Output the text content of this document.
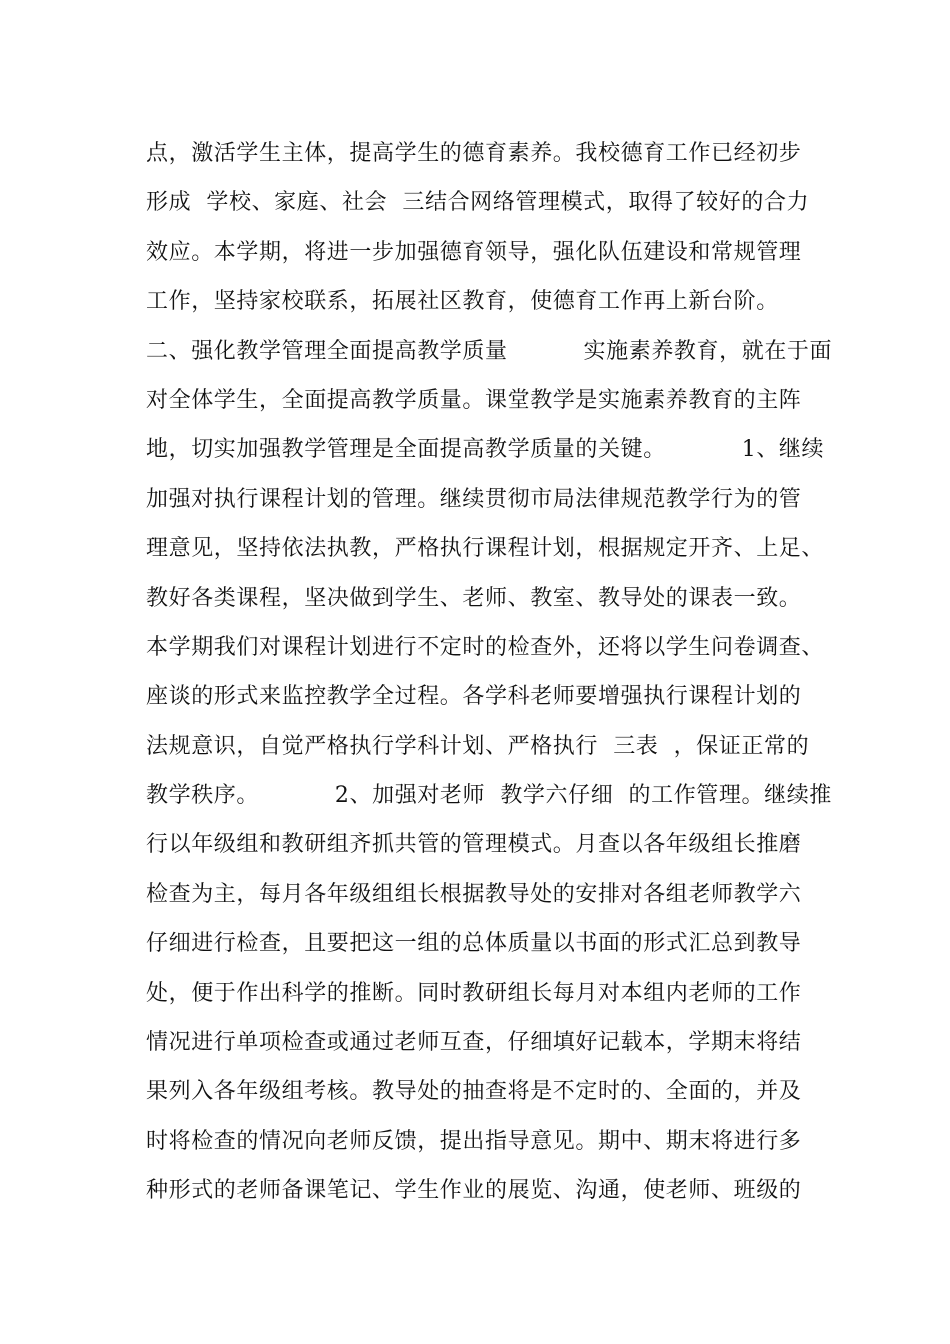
点，激活学生主体，提高学生的德育素养。我校德育工作已经初步
形成  学校、家庭、社会  三结合网络管理模式，取得了较好的合力
效应。本学期，将进一步加强德育领导，强化队伍建设和常规管理
工作，坚持家校联系，拓展社区教育，使德育工作再上新台阶。
二、强化教学管理全面提高教学质量          实施素养教育，就在于面
对全体学生，全面提高教学质量。课堂教学是实施素养教育的主阵
地，切实加强教学管理是全面提高教学质量的关键。          1、继续
加强对执行课程计划的管理。继续贯彻市局法律规范教学行为的管
理意见，坚持依法执教，严格执行课程计划，根据规定开齐、上足、
教好各类课程，坚决做到学生、老师、教室、教导处的课表一致。
本学期我们对课程计划进行不定时的检查外，还将以学生问卷调查、
座谈的形式来监控教学全过程。各学科老师要增强执行课程计划的
法规意识，自觉严格执行学科计划、严格执行  三表  ，保证正常的
教学秩序。          2、加强对老师  教学六仔细  的工作管理。继续推
行以年级组和教研组齐抓共管的管理模式。月查以各年级组长推磨
检查为主，每月各年级组组长根据教导处的安排对各组老师教学六
仔细进行检查，且要把这一组的总体质量以书面的形式汇总到教导
处，便于作出科学的推断。同时教研组长每月对本组内老师的工作
情况进行单项检查或通过老师互查，仔细填好记载本，学期末将结
果列入各年级组考核。教导处的抽查将是不定时的、全面的，并及
时将检查的情况向老师反馈，提出指导意见。期中、期末将进行多
种形式的老师备课笔记、学生作业的展览、沟通，使老师、班级的
